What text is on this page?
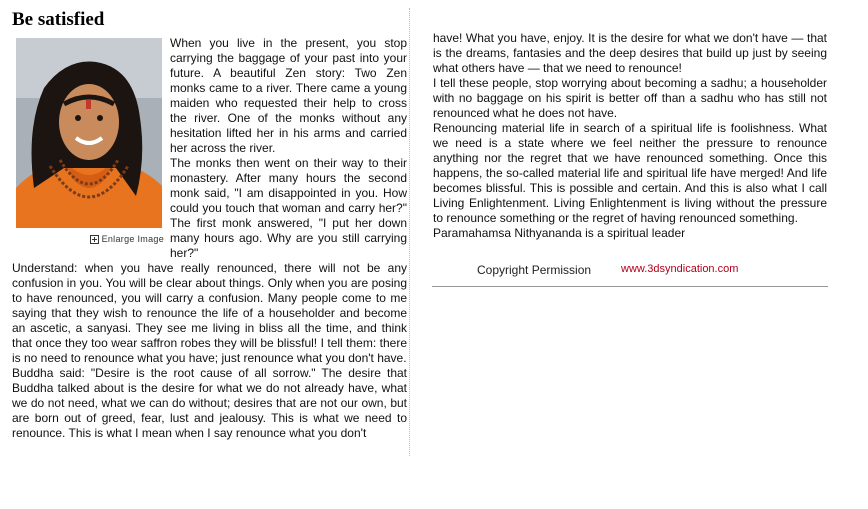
Be satisfied
Enlarge Image

When you live in the present, you stop carrying the baggage of your past into your future. A beautiful Zen story: Two Zen monks came to a river. There came a young maiden who requested their help to cross the river. One of the monks without any hesitation lifted her in his arms and carried her across the river.

The monks then went on their way to their monastery. After many hours the second monk said, "I am disappointed in you. How could you touch that woman and carry her?" The first monk answered, "I put her down many hours ago. Why are you still carrying her?"

Understand: when you have really renounced, there will not be any confusion in you. You will be clear about things. Only when you are posing to have renounced, you will carry a confusion. Many people come to me saying that they wish to renounce the life of a householder and become an ascetic, a sanyasi. They see me living in bliss all the time, and think that once they too wear saffron robes they will be blissful! I tell them: there is no need to renounce what you have; just renounce what you don't have.

Buddha said: "Desire is the root cause of all sorrow." The desire that Buddha talked about is the desire for what we do not already have, what we do not need, what we can do without; desires that are not our own, but are born out of greed, fear, lust and jealousy. This is what we need to renounce. This is what I mean when I say renounce what you don't

have! What you have, enjoy. It is the desire for what we don't have — that is the dreams, fantasies and the deep desires that build up just by seeing what others have — that we need to renounce!

I tell these people, stop worrying about becoming a sadhu; a householder with no baggage on his spirit is better off than a sadhu who has still not renounced what he does not have.

Renouncing material life in search of a spiritual life is foolishness. What we need is a state where we feel neither the pressure to renounce anything nor the regret that we have renounced something. Once this happens, the so-called material life and spiritual life have merged! And life becomes blissful. This is possible and certain. And this is also what I call Living Enlightenment. Living Enlightenment is living without the pressure to renounce something or the regret of having renounced something.

Paramahamsa Nithyananda is a spiritual leader

Copyright Permission	www.3dsyndication.com
